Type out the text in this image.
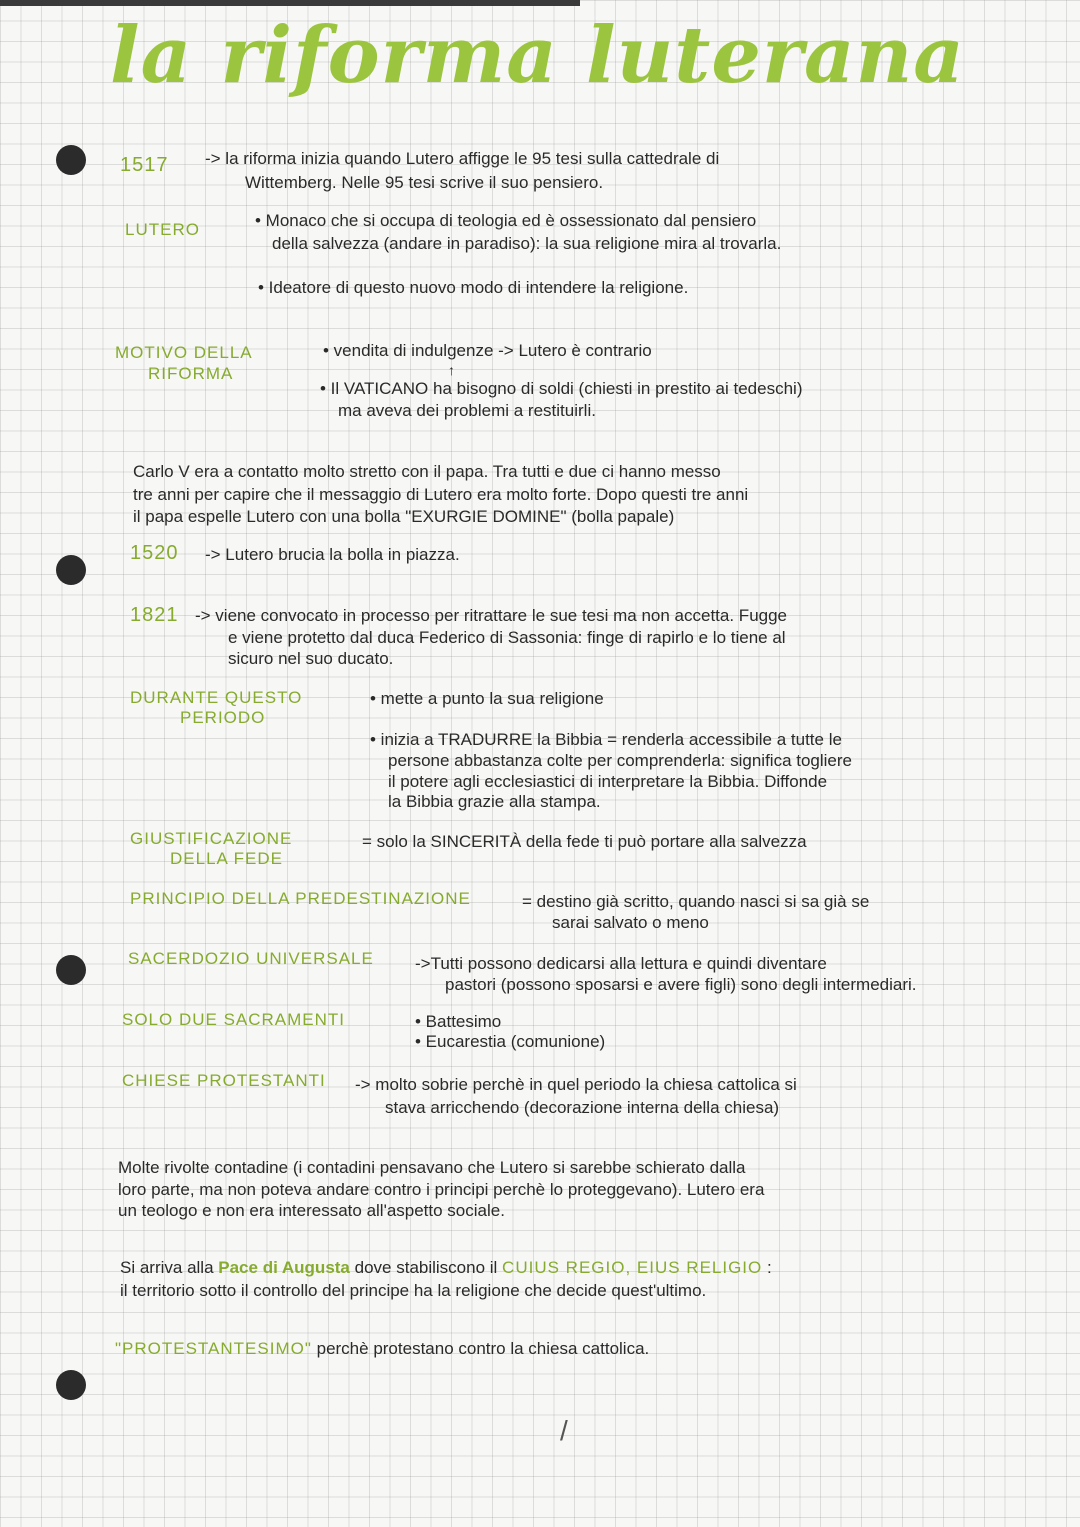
la riforma luterana
1517 -> la riforma inizia quando Lutero affigge le 95 tesi sulla cattedrale di
Wittemberg. Nelle 95 tesi scrive il suo pensiero.
LUTERO	• Monaco che si occupa di teologia ed è ossessionato dal pensiero
della salvezza (andare in paradiso): la sua religione mira al trovarla.
• Ideatore di questo nuovo modo di intendere la religione.
MOTIVO DELLA
RIFORMA
• vendita di indulgenze -> Lutero è contrario
↑
• Il VATICANO ha bisogno di soldi (chiesti in prestito ai tedeschi)
ma aveva dei problemi a restituirli.
Carlo V era a contatto molto stretto con il papa. Tra tutti e due ci hanno messo
tre anni per capire che il messaggio di Lutero era molto forte. Dopo questi tre anni
il papa espelle Lutero con una bolla "EXURGIE DOMINE" (bolla papale)
1520 -> Lutero brucia la bolla in piazza.
1821 -> viene convocato in processo per ritrattare le sue tesi ma non accetta. Fugge
e viene protetto dal duca Federico di Sassonia: finge di rapirlo e lo tiene al
sicuro nel suo ducato.
DURANTE QUESTO
PERIODO
• mette a punto la sua religione
• inizia a TRADURRE la Bibbia = renderla accessibile a tutte le
persone abbastanza colte per comprenderla: significa togliere
il potere agli ecclesiastici di interpretare la Bibbia. Diffonde
la Bibbia grazie alla stampa.
GIUSTIFICAZIONE
DELLA FEDE
= solo la SINCERITÀ della fede ti può portare alla salvezza
PRINCIPIO DELLA PREDESTINAZIONE	= destino già scritto, quando nasci si sa già se
sarai salvato o meno
SACERDOZIO UNIVERSALE ->Tutti possono dedicarsi alla lettura e quindi diventare
pastori (possono sposarsi e avere figli) sono degli intermediari.
SOLO DUE SACRAMENTI	• Battesimo
• Eucarestia (comunione)
CHIESE PROTESTANTI -> molto sobrie perchè in quel periodo la chiesa cattolica si
stava arricchendo (decorazione interna della chiesa)
Molte rivolte contadine (i contadini pensavano che Lutero si sarebbe schierato dalla
loro parte, ma non poteva andare contro i principi perchè lo proteggevano). Lutero era
un teologo e non era interessato all'aspetto sociale.
Si arriva alla Pace di Augusta dove stabiliscono il CUIUS REGIO, EIUS RELIGIO :
il territorio sotto il controllo del principe ha la religione che decide quest'ultimo.
"PROTESTANTESIMO" perchè protestano contro la chiesa cattolica.
/
